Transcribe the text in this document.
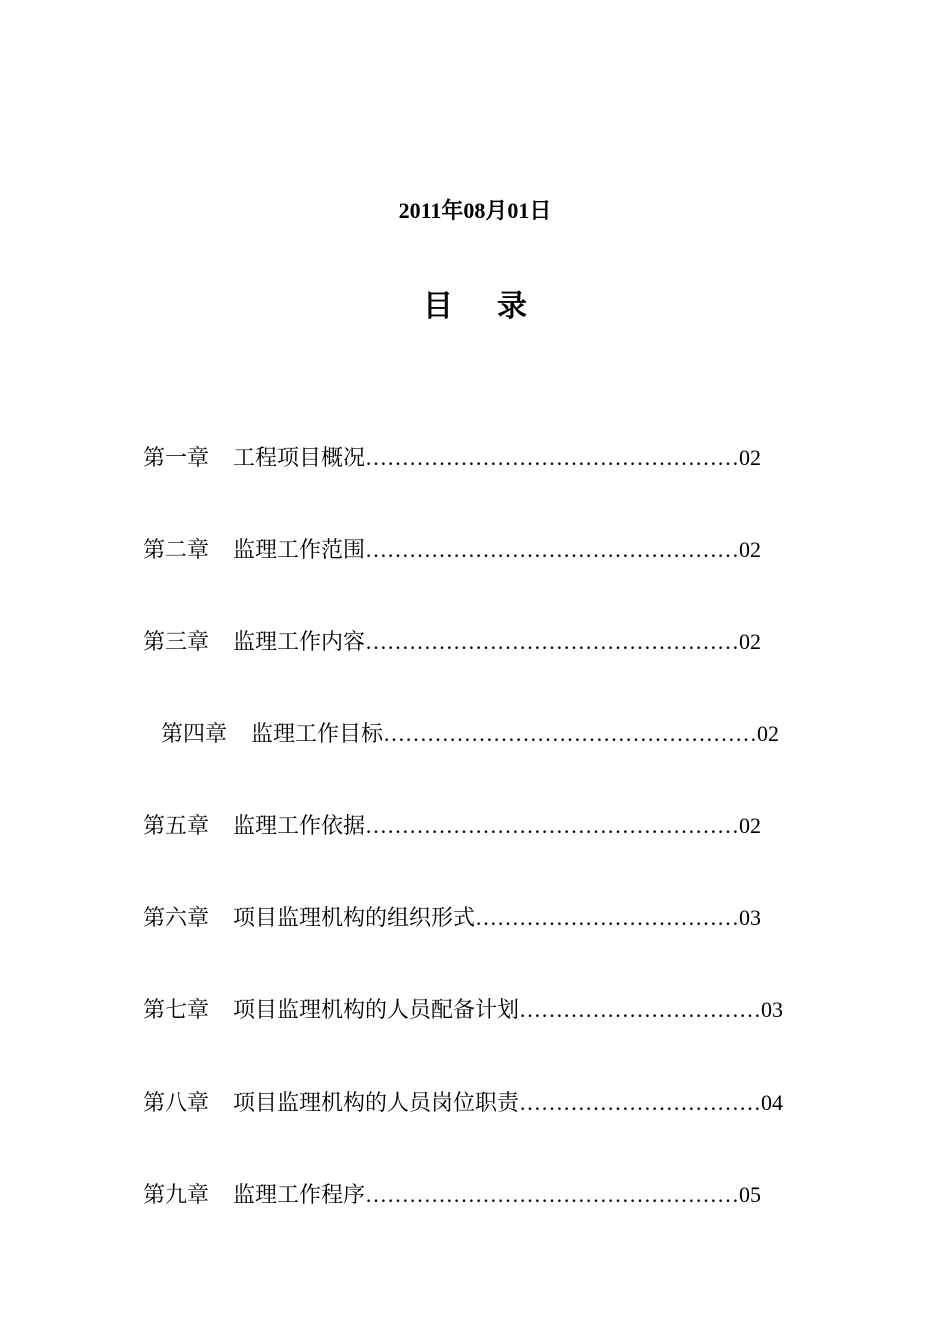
2011年08月01日
目录
第一章 工程项目概况……………………………………………02
第二章 监理工作范围……………………………………………02
第三章 监理工作内容……………………………………………02
第四章 监理工作目标……………………………………………02
第五章 监理工作依据……………………………………………02
第六章 项目监理机构的组织形式………………………………03
第七章 项目监理机构的人员配备计划……………………………03
第八章 项目监理机构的人员岗位职责……………………………04
第九章 监理工作程序……………………………………………05
